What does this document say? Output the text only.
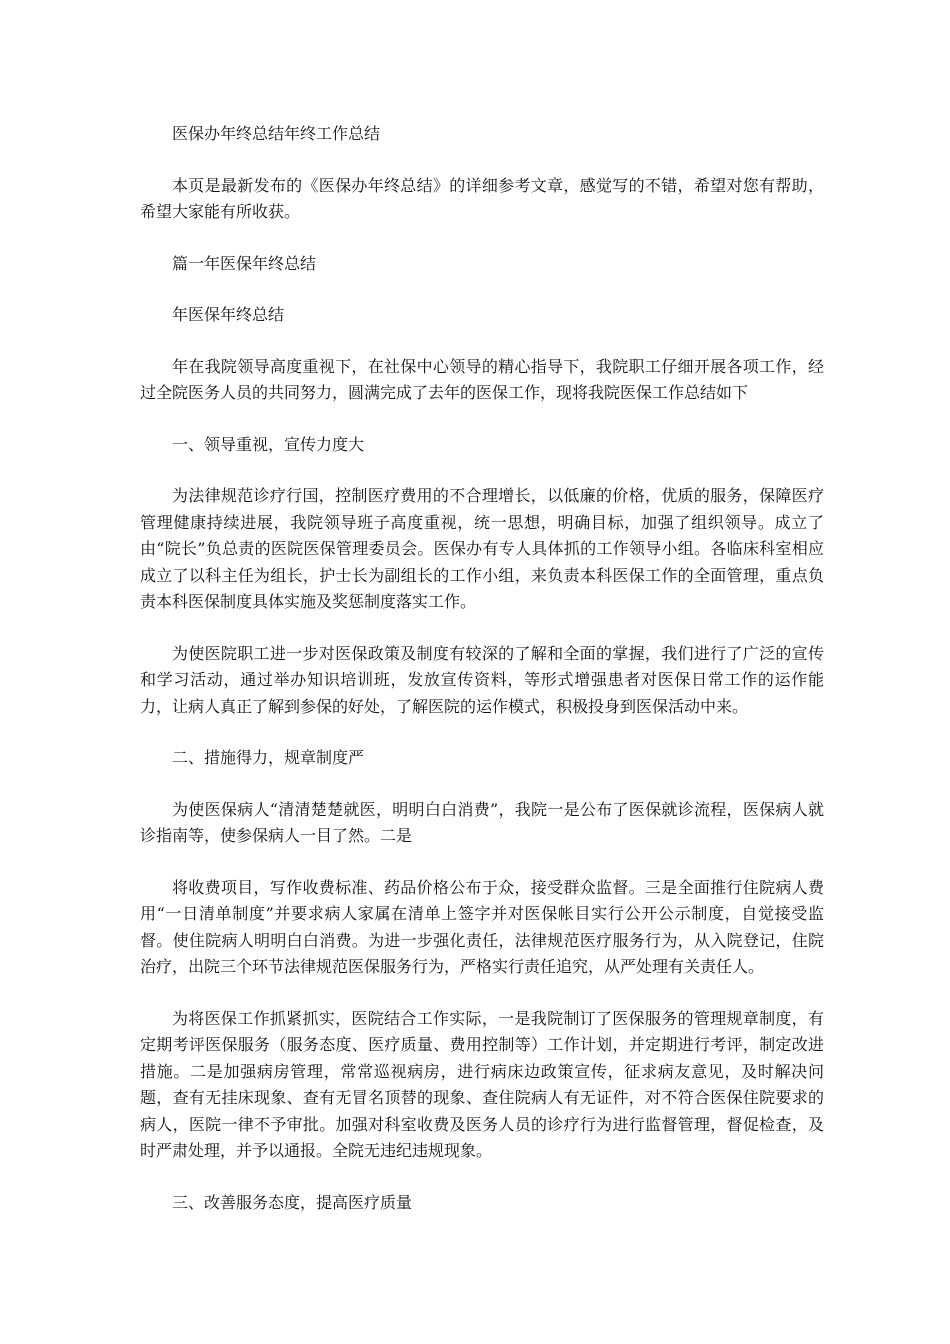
医保办年终总结年终工作总结

本页是最新发布的《医保办年终总结》的详细参考文章，感觉写的不错，希望对您有帮助，希望大家能有所收获。

篇一年医保年终总结

年医保年终总结

年在我院领导高度重视下，在社保中心领导的精心指导下，我院职工仔细开展各项工作，经过全院医务人员的共同努力，圆满完成了去年的医保工作，现将我院医保工作总结如下

一、领导重视，宣传力度大

为法律规范诊疗行国，控制医疗费用的不合理增长，以低廉的价格，优质的服务，保障医疗管理健康持续进展，我院领导班子高度重视，统一思想，明确目标，加强了组织领导。成立了由“院长”负总责的医院医保管理委员会。医保办有专人具体抓的工作领导小组。各临床科室相应成立了以科主任为组长，护士长为副组长的工作小组，来负责本科医保工作的全面管理，重点负责本科医保制度具体实施及奖惩制度落实工作。

为使医院职工进一步对医保政策及制度有较深的了解和全面的掌握，我们进行了广泛的宣传和学习活动，通过举办知识培训班，发放宣传资料，等形式增强患者对医保日常工作的运作能力，让病人真正了解到参保的好处，了解医院的运作模式，积极投身到医保活动中来。

二、措施得力，规章制度严

为使医保病人“清清楚楚就医，明明白白消费”，我院一是公布了医保就诊流程，医保病人就诊指南等，使参保病人一目了然。二是

将收费项目，写作收费标准、药品价格公布于众，接受群众监督。三是全面推行住院病人费用“一日清单制度”并要求病人家属在清单上签字并对医保帐目实行公开公示制度，自觉接受监督。使住院病人明明白白消费。为进一步强化责任，法律规范医疗服务行为，从入院登记，住院治疗，出院三个环节法律规范医保服务行为，严格实行责任追究，从严处理有关责任人。

为将医保工作抓紧抓实，医院结合工作实际，一是我院制订了医保服务的管理规章制度，有定期考评医保服务（服务态度、医疗质量、费用控制等）工作计划，并定期进行考评，制定改进措施。二是加强病房管理，常常巡视病房，进行病床边政策宣传，征求病友意见，及时解决问题，查有无挂床现象、查有无冒名顶替的现象、查住院病人有无证件，对不符合医保住院要求的病人，医院一律不予审批。加强对科室收费及医务人员的诊疗行为进行监督管理，督促检查，及时严肃处理，并予以通报。全院无违纪违规现象。

三、改善服务态度，提高医疗质量
